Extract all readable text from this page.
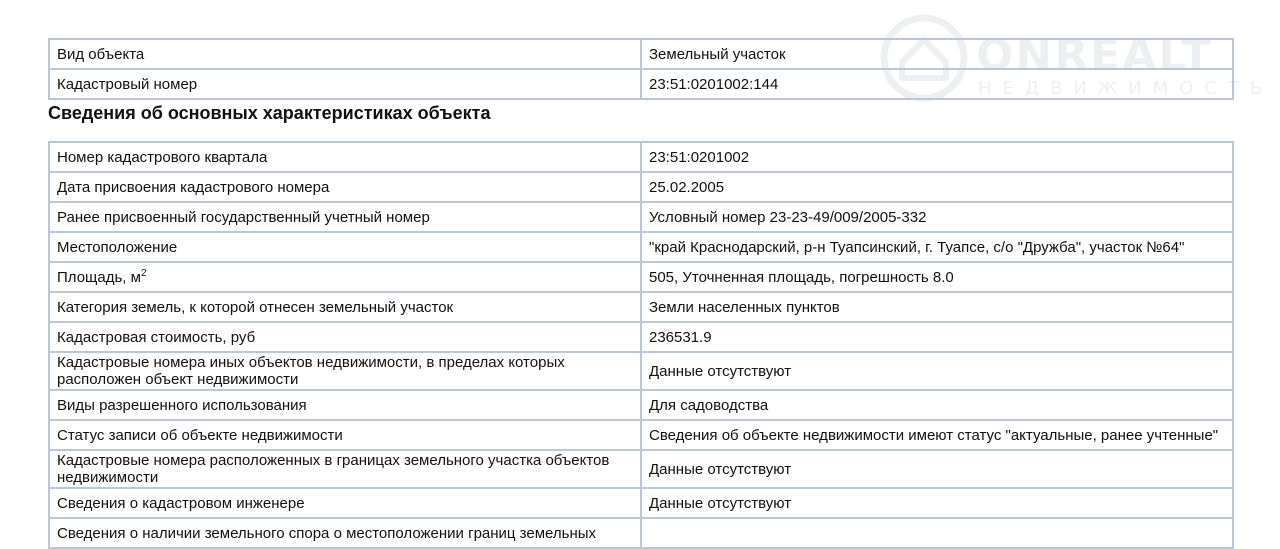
ONREALT
НЕДВИЖИМОСТЬ
Вид объекта	Земельный участок
Кадастровый номер	23:51:0201002:144
Сведения об основных характеристиках объекта
Номер кадастрового квартала	23:51:0201002
Дата присвоения кадастрового номера	25.02.2005
Ранее присвоенный государственный учетный номер	Условный номер 23-23-49/009/2005-332
Местоположение	"край Краснодарский, р-н Туапсинский, г. Туапсе, с/о "Дружба", участок №64"
Площадь, $м^2$	505, Уточненная площадь, погрешность 8.0
Категория земель, к которой отнесен земельный участок	Земли населенных пунктов
Кадастровая стоимость, руб	236531.9
Кадастровые номера иных объектов недвижимости, в пределах которых расположен объект недвижимости	Данные отсутствуют
Виды разрешенного использования	Для садоводства
Статус записи об объекте недвижимости	Сведения об объекте недвижимости имеют статус "актуальные, ранее учтенные"
Кадастровые номера расположенных в границах земельного участка объектов недвижимости	Данные отсутствуют
Сведения о кадастровом инженере	Данные отсутствуют
Сведения о наличии земельного спора о местоположении границ земельных	
